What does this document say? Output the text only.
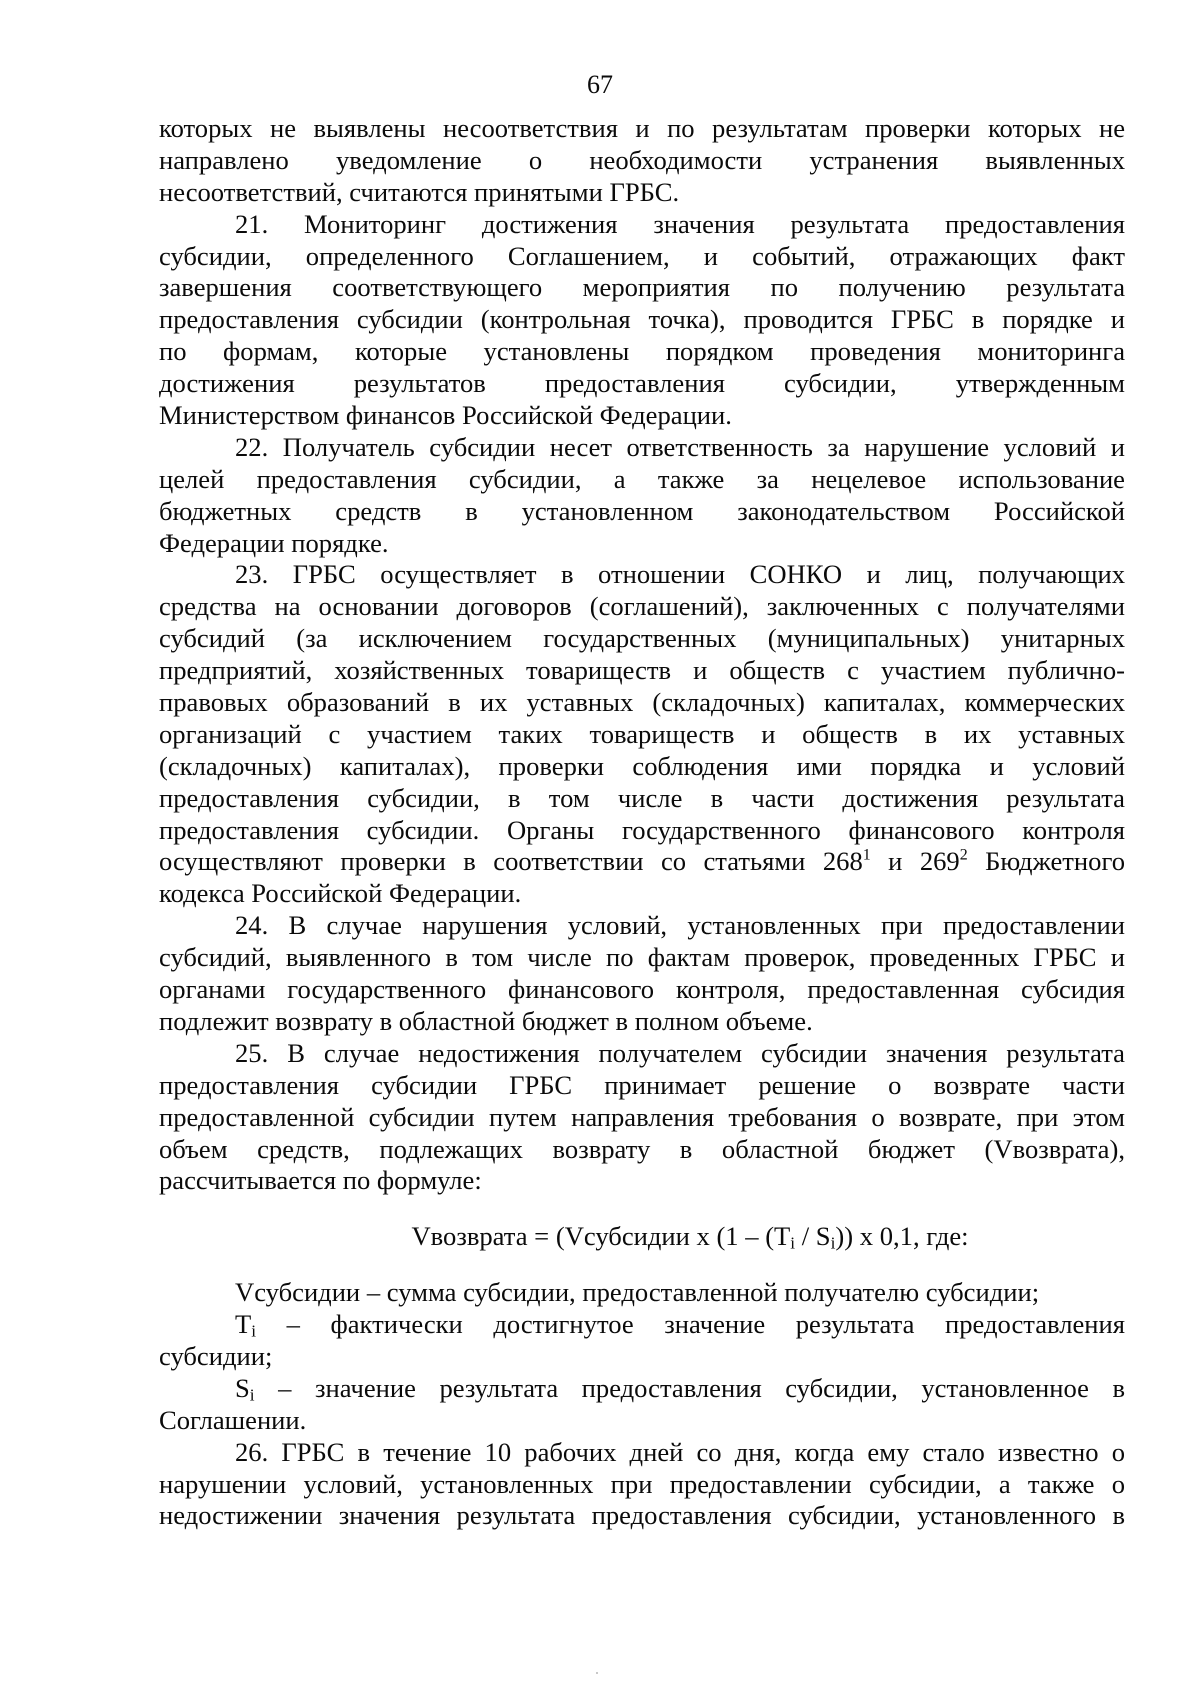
67
которых не выявлены несоответствия и по результатам проверки которых не
направлено уведомление о необходимости устранения выявленных
несоответствий, считаются принятыми ГРБС.
21. Мониторинг достижения значения результата предоставления
субсидии, определенного Соглашением, и событий, отражающих факт
завершения соответствующего мероприятия по получению результата
предоставления субсидии (контрольная точка), проводится ГРБС в порядке и
по формам, которые установлены порядком проведения мониторинга
достижения результатов предоставления субсидии, утвержденным
Министерством финансов Российской Федерации.
22. Получатель субсидии несет ответственность за нарушение условий и
целей предоставления субсидии, а также за нецелевое использование
бюджетных средств в установленном законодательством Российской
Федерации порядке.
23. ГРБС осуществляет в отношении СОНКО и лиц, получающих
средства на основании договоров (соглашений), заключенных с получателями
субсидий (за исключением государственных (муниципальных) унитарных
предприятий, хозяйственных товариществ и обществ с участием публично-
правовых образований в их уставных (складочных) капиталах, коммерческих
организаций с участием таких товариществ и обществ в их уставных
(складочных) капиталах), проверки соблюдения ими порядка и условий
предоставления субсидии, в том числе в части достижения результата
предоставления субсидии. Органы государственного финансового контроля
осуществляют проверки в соответствии со статьями $268^1$ и $269^2$ Бюджетного
кодекса Российской Федерации.
24. В случае нарушения условий, установленных при предоставлении
субсидий, выявленного в том числе по фактам проверок, проведенных ГРБС и
органами государственного финансового контроля, предоставленная субсидия
подлежит возврату в областной бюджет в полном объеме.
25. В случае недостижения получателем субсидии значения результата
предоставления субсидии ГРБС принимает решение о возврате части
предоставленной субсидии путем направления требования о возврате, при этом
объем средств, подлежащих возврату в областной бюджет (Vвозврата),
рассчитывается по формуле:
Vвозврата = (Vсубсидии x $(1 - (T_i / S_i))$ x 0,1, где:
Vсубсидии – сумма субсидии, предоставленной получателю субсидии;
$T_i$ – фактически достигнутое значение результата предоставления
субсидии;
$S_i$ – значение результата предоставления субсидии, установленное в
Соглашении.
26. ГРБС в течение 10 рабочих дней со дня, когда ему стало известно о
нарушении условий, установленных при предоставлении субсидии, а также о
недостижении значения результата предоставления субсидии, установленного в
